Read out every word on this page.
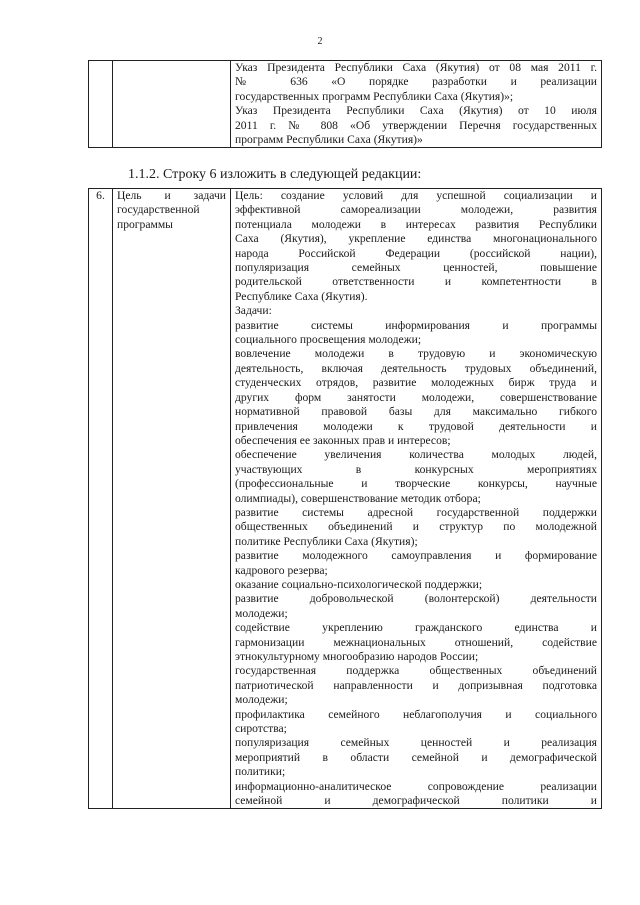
2

Указ Президента Республики Саха (Якутия) от 08 мая 2011 г.
№ 636 «О порядке разработки и реализации
государственных программ Республики Саха (Якутия)»;
Указ Президента Республики Саха (Якутия) от 10 июля
2011 г. № 808 «Об утверждении Перечня государственных
программ Республики Саха (Якутия)»
1.1.2. Строку 6 изложить в следующей редакции:
6.	Цель и задачи
государственной
программы

Цель: создание условий для успешной социализации и
эффективной самореализации молодежи, развития
потенциала молодежи в интересах развития Республики
Саха (Якутия), укрепление единства многонационального
народа Российской Федерации (российской нации),
популяризация семейных ценностей, повышение
родительской ответственности и компетентности в
Республике Саха (Якутия).
Задачи:
развитие системы информирования и программы
социального просвещения молодежи;
вовлечение молодежи в трудовую и экономическую
деятельность, включая деятельность трудовых объединений,
студенческих отрядов, развитие молодежных бирж труда и
других форм занятости молодежи, совершенствование
нормативной правовой базы для максимально гибкого
привлечения молодежи к трудовой деятельности и
обеспечения ее законных прав и интересов;
обеспечение увеличения количества молодых людей,
участвующих в конкурсных мероприятиях
(профессиональные и творческие конкурсы, научные
олимпиады), совершенствование методик отбора;
развитие системы адресной государственной поддержки
общественных объединений и структур по молодежной
политике Республики Саха (Якутия);
развитие молодежного самоуправления и формирование
кадрового резерва;
оказание социально-психологической поддержки;
развитие добровольческой (волонтерской) деятельности
молодежи;
содействие укреплению гражданского единства и
гармонизации межнациональных отношений, содействие
этнокультурному многообразию народов России;
государственная поддержка общественных объединений
патриотической направленности и допризывная подготовка
молодежи;
профилактика семейного неблагополучия и социального
сиротства;
популяризация семейных ценностей и реализация
мероприятий в области семейной и демографической
политики;
информационно-аналитическое сопровождение реализации
семейной и демографической политики и
